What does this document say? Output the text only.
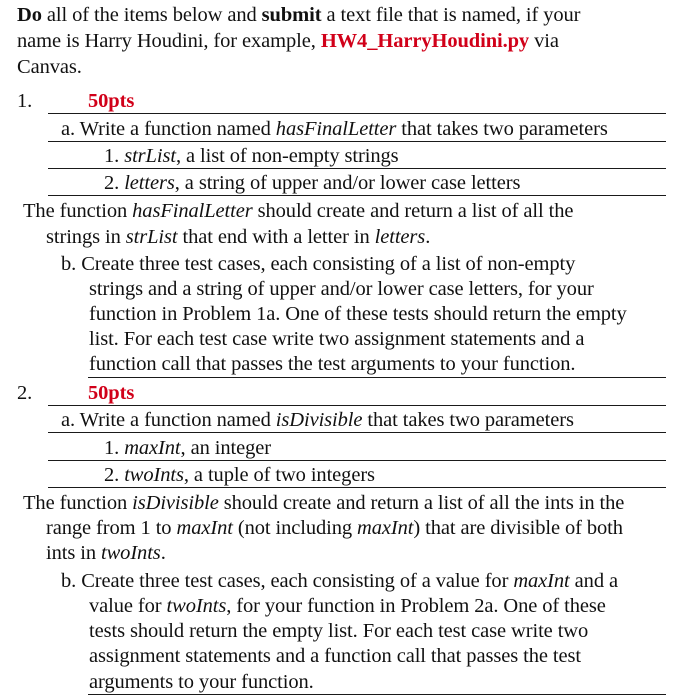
Do all of the items below and submit a text file that is named, if your
name is Harry Houdini, for example, HW4_HarryHoudini.py via
Canvas.
1.	50pts
a. Write a function named hasFinalLetter that takes two parameters
1. strList, a list of non-empty strings
2. letters, a string of upper and/or lower case letters
The function hasFinalLetter should create and return a list of all the
strings in strList that end with a letter in letters.
b. Create three test cases, each consisting of a list of non-empty
strings and a string of upper and/or lower case letters, for your
function in Problem 1a. One of these tests should return the empty
list. For each test case write two assignment statements and a
function call that passes the test arguments to your function.
2.	50pts
a. Write a function named isDivisible that takes two parameters
1. maxInt, an integer
2. twoInts, a tuple of two integers
The function isDivisible should create and return a list of all the ints in the
range from 1 to maxInt (not including maxInt) that are divisible of both
ints in twoInts.
b. Create three test cases, each consisting of a value for maxInt and a
value for twoInts, for your function in Problem 2a. One of these
tests should return the empty list. For each test case write two
assignment statements and a function call that passes the test
arguments to your function.
